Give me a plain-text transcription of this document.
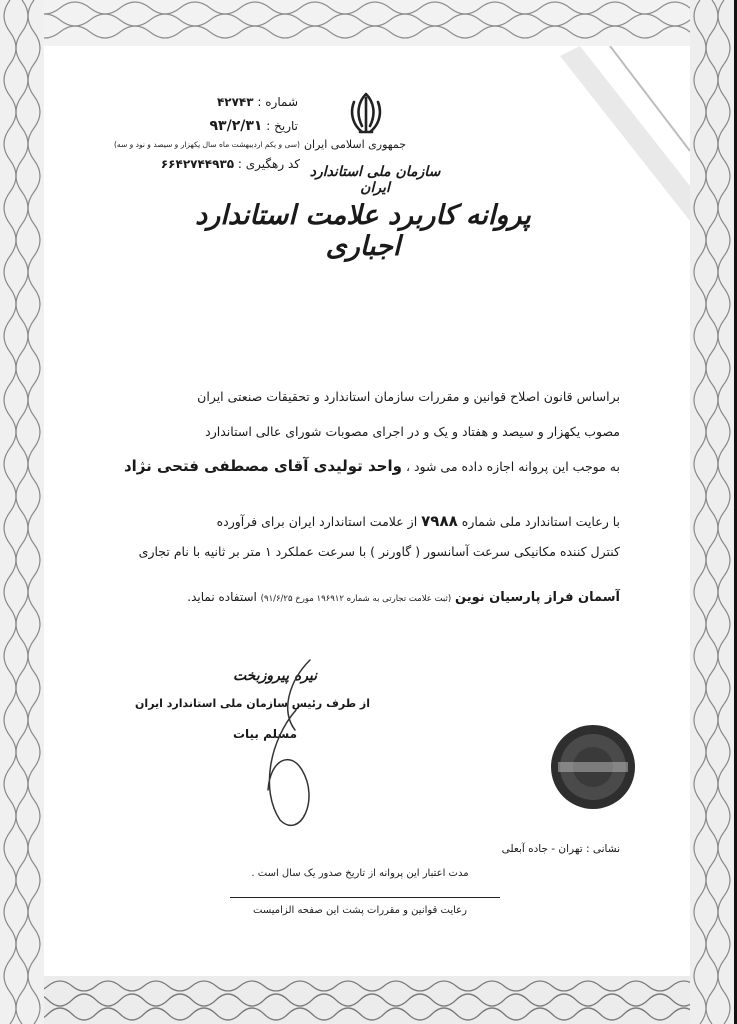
شماره : ۴۲۷۴۳
تاریخ : ۹۳/۲/۳۱
(سی و یکم اردیبهشت ماه سال یکهزار و سیصد و نود و سه)
کد رهگیری : ۶۶۴۲۷۴۴۹۳۵
جمهوری اسلامی ایران
سازمان ملی استاندارد ایران
پروانه کاربرد علامت استاندارد اجباری
براساس قانون اصلاح قوانین و مقررات سازمان استاندارد و تحقیقات صنعتی ایران
مصوب یکهزار و سیصد و هفتاد و یک و در اجرای مصوبات شورای عالی استاندارد
به موجب این پروانه اجازه داده می شود ، واحد تولیدی آقای مصطفی فتحی نژاد
با رعایت استاندارد ملی شماره ۷۹۸۸ از علامت استاندارد ایران برای فرآورده
کنترل کننده مکانیکی سرعت آسانسور ( گاورنر ) با سرعت عملکرد ۱ متر بر ثانیه با نام تجاری
آسمان فراز پارسیان نوین (ثبت علامت تجارتی به شماره ۱۹۶۹۱۲ مورخ ۹۱/۶/۲۵) استفاده نماید.
نیره پیروزبخت
از طرف رئیس سازمان ملی استاندارد ایران
مسلم بیات
نشانی : تهران - جاده آبعلی
مدت اعتبار این پروانه از تاریخ صدور یک سال است .
رعایت قوانین و مقررات پشت این صفحه الزامیست
